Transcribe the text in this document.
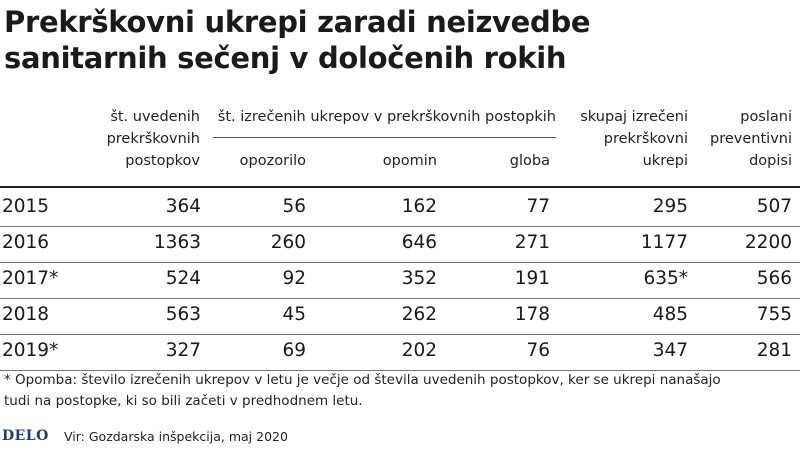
Prekrškovni ukrepi zaradi neizvedbe
sanitarnih sečenj v določenih rokih
št. uvedenih
prekrškovnih
postopkov
št. izrečenih ukrepov v prekrškovnih postopkih
opozorilo	opomin	globa
skupaj izrečeni
prekrškovni
ukrepi
poslani
preventivni
dopisi
2015	364	56	162	77	295	507
2016	1363	260	646	271	1177	2200
2017*	524	92	352	191	635*	566
2018	563	45	262	178	485	755
2019*	327	69	202	76	347	281
* Opomba: število izrečenih ukrepov v letu je večje od števila uvedenih postopkov, ker se ukrepi nanašajo
tudi na postopke, ki so bili začeti v predhodnem letu.
DELO Vir: Gozdarska inšpekcija, maj 2020
